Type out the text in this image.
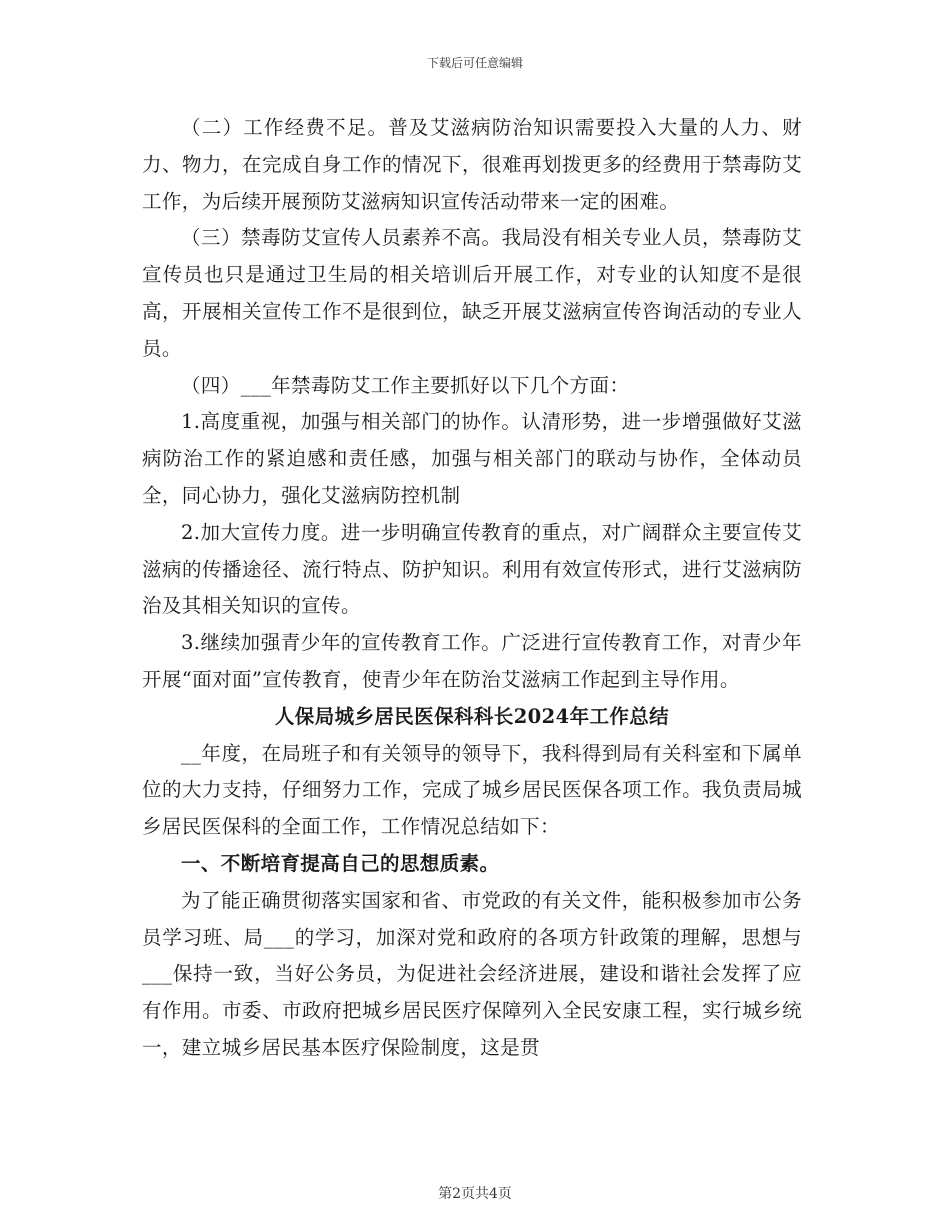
下载后可任意编辑

（二）工作经费不足。普及艾滋病防治知识需要投入大量的人力、财力、物力，在完成自身工作的情况下，很难再划拨更多的经费用于禁毒防艾工作，为后续开展预防艾滋病知识宣传活动带来一定的困难。

（三）禁毒防艾宣传人员素养不高。我局没有相关专业人员，禁毒防艾宣传员也只是通过卫生局的相关培训后开展工作，对专业的认知度不是很高，开展相关宣传工作不是很到位，缺乏开展艾滋病宣传咨询活动的专业人员。

（四）___年禁毒防艾工作主要抓好以下几个方面：

1.高度重视，加强与相关部门的协作。认清形势，进一步增强做好艾滋病防治工作的紧迫感和责任感，加强与相关部门的联动与协作，全体动员全，同心协力，强化艾滋病防控机制

2.加大宣传力度。进一步明确宣传教育的重点，对广阔群众主要宣传艾滋病的传播途径、流行特点、防护知识。利用有效宣传形式，进行艾滋病防治及其相关知识的宣传。

3.继续加强青少年的宣传教育工作。广泛进行宣传教育工作，对青少年开展“面对面”宣传教育，使青少年在防治艾滋病工作起到主导作用。

人保局城乡居民医保科科长2024年工作总结

__年度，在局班子和有关领导的领导下，我科得到局有关科室和下属单位的大力支持，仔细努力工作，完成了城乡居民医保各项工作。我负责局城乡居民医保科的全面工作，工作情况总结如下：

一、不断培育提高自己的思想质素。

为了能正确贯彻落实国家和省、市党政的有关文件，能积极参加市公务员学习班、局___的学习，加深对党和政府的各项方针政策的理解，思想与___保持一致，当好公务员，为促进社会经济进展，建设和谐社会发挥了应有作用。市委、市政府把城乡居民医疗保障列入全民安康工程，实行城乡统一，建立城乡居民基本医疗保险制度，这是贯

第2页共4页
